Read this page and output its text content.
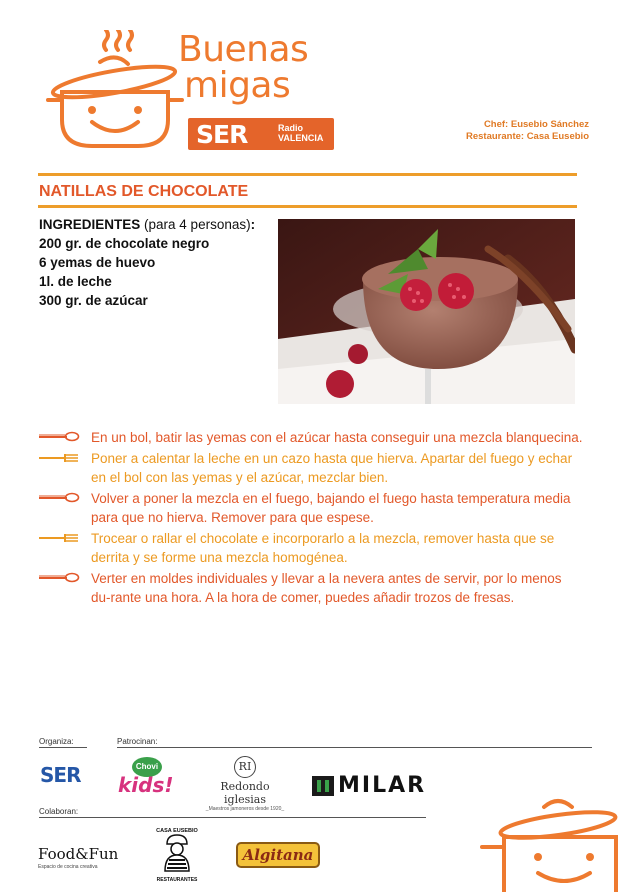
Buenas
migas
SER	Radio
VALENCIA
Chef: Eusebio Sánchez
Restaurante: Casa Eusebio
NATILLAS DE CHOCOLATE
INGREDIENTES (para 4 personas):
200 gr. de chocolate negro
6 yemas de huevo
1l. de leche
300 gr. de azúcar
En un bol, batir las yemas con el azúcar hasta conseguir una mezcla blanquecina.
Poner a calentar la leche en un cazo hasta que hierva. Apartar del fuego y echar en el bol con las yemas y el azúcar, mezclar bien.
Volver a poner la mezcla en el fuego, bajando el fuego hasta temperatura media para que no hierva. Remover para que espese.
Trocear o rallar el chocolate e incorporarlo a la mezcla, remover hasta que se derrita y se forme una mezcla homogénea.
Verter en moldes individuales y llevar a la nevera antes de servir, por lo menos du-rante una hora. A la hora de comer, puedes añadir trozos de fresas.
Organiza:	Patrocinan:
SER	Chovi
kids!
RI
Redondo iglesias
_Maestros jamoneros desde 1920_
MILAR
Colaboran:
Food&Fun
Espacio de cocina creativa
CASA EUSEBIO
RESTAURANTES
Algitana
